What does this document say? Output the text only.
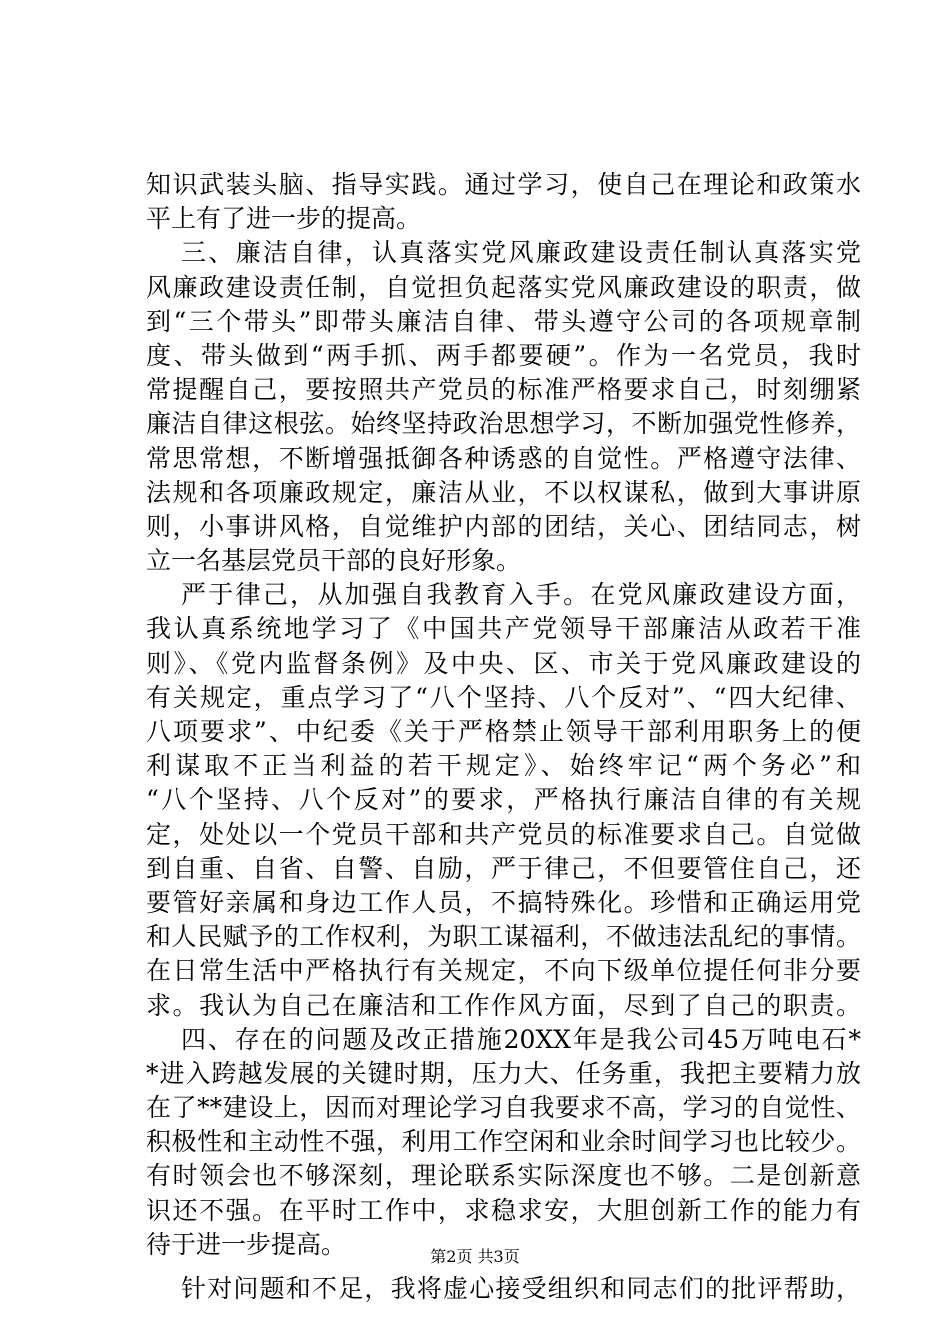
知识武装头脑、指导实践。通过学习，使自己在理论和政策水
平上有了进一步的提高。
三、廉洁自律，认真落实党风廉政建设责任制认真落实党
风廉政建设责任制，自觉担负起落实党风廉政建设的职责，做
到“三个带头”即带头廉洁自律、带头遵守公司的各项规章制
度、带头做到“两手抓、两手都要硬”。作为一名党员，我时
常提醒自己，要按照共产党员的标准严格要求自己，时刻绷紧
廉洁自律这根弦。始终坚持政治思想学习，不断加强党性修养，
常思常想，不断增强抵御各种诱惑的自觉性。严格遵守法律、
法规和各项廉政规定，廉洁从业，不以权谋私，做到大事讲原
则，小事讲风格，自觉维护内部的团结，关心、团结同志，树
立一名基层党员干部的良好形象。
严于律己，从加强自我教育入手。在党风廉政建设方面，
我认真系统地学习了《中国共产党领导干部廉洁从政若干准
则》、《党内监督条例》及中央、区、市关于党风廉政建设的
有关规定，重点学习了“八个坚持、八个反对”、“四大纪律、
八项要求”、中纪委《关于严格禁止领导干部利用职务上的便
利谋取不正当利益的若干规定》、始终牢记“两个务必”和
“八个坚持、八个反对”的要求，严格执行廉洁自律的有关规
定，处处以一个党员干部和共产党员的标准要求自己。自觉做
到自重、自省、自警、自励，严于律己，不但要管住自己，还
要管好亲属和身边工作人员，不搞特殊化。珍惜和正确运用党
和人民赋予的工作权利，为职工谋福利，不做违法乱纪的事情。
在日常生活中严格执行有关规定，不向下级单位提任何非分要
求。我认为自己在廉洁和工作作风方面，尽到了自己的职责。
四、存在的问题及改正措施20XX年是我公司45万吨电石*
*进入跨越发展的关键时期，压力大、任务重，我把主要精力放
在了**建设上，因而对理论学习自我要求不高，学习的自觉性、
积极性和主动性不强，利用工作空闲和业余时间学习也比较少。
有时领会也不够深刻，理论联系实际深度也不够。二是创新意
识还不强。在平时工作中，求稳求安，大胆创新工作的能力有
待于进一步提高。
针对问题和不足，我将虚心接受组织和同志们的批评帮助，
第2页 共3页
